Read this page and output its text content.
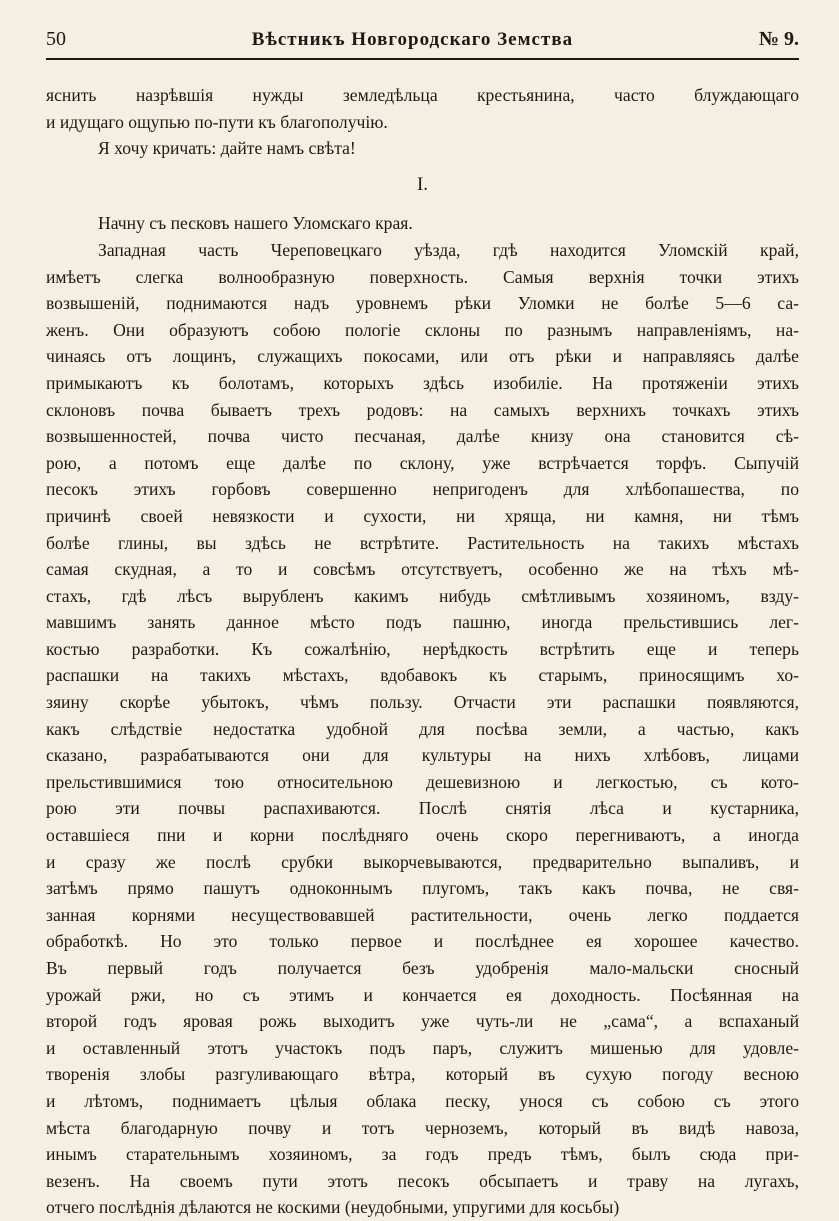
50	Вѣстникъ Новгородскаго Земства	№ 9.
яснить назрѣвшія нужды земледѣльца крестьянина, часто блуждающаго
и идущаго ощупью по-пути къ благополучію.
Я хочу кричать: дайте намъ свѣта!
I.
Начну съ песковъ нашего Уломскаго края.
Западная часть Череповецкаго уѣзда, гдѣ находится Уломскій край,
имѣетъ слегка волнообразную поверхность. Самыя верхнія точки этихъ
возвышеній, поднимаются надъ уровнемъ рѣки Уломки не болѣе 5—6 са-
женъ. Они образуютъ собою пологіе склоны по разнымъ направленіямъ, на-
чинаясь отъ лощинъ, служащихъ покосами, или отъ рѣки и направляясь далѣе
примыкаютъ къ болотамъ, которыхъ здѣсь изобиліе. На протяженіи этихъ
склоновъ почва бываетъ трехъ родовъ: на самыхъ верхнихъ точкахъ этихъ
возвышенностей, почва чисто песчаная, далѣе книзу она становится сѣ-
рою, а потомъ еще далѣе по склону, уже встрѣчается торфъ. Сыпучій
песокъ этихъ горбовъ совершенно непригоденъ для хлѣбопашества, по
причинѣ своей невязкости и сухости, ни хряща, ни камня, ни тѣмъ
болѣе глины, вы здѣсь не встрѣтите. Растительность на такихъ мѣстахъ
самая скудная, а то и совсѣмъ отсутствуетъ, особенно же на тѣхъ мѣ-
стахъ, гдѣ лѣсъ вырубленъ какимъ нибудь смѣтливымъ хозяиномъ, взду-
мавшимъ занять данное мѣсто подъ пашню, иногда прельстившись лег-
костью разработки. Къ сожалѣнію, нерѣдкость встрѣтить еще и теперь
распашки на такихъ мѣстахъ, вдобавокъ къ старымъ, приносящимъ хо-
зяину скорѣе убытокъ, чѣмъ пользу. Отчасти эти распашки появляются,
какъ слѣдствіе недостатка удобной для посѣва земли, а частью, какъ
сказано, разрабатываются они для культуры на нихъ хлѣбовъ, лицами
прельстившимися тою относительною дешевизною и легкостью, съ кото-
рою эти почвы распахиваются. Послѣ снятія лѣса и кустарника,
оставшіеся пни и корни послѣдняго очень скоро перегниваютъ, а иногда
и сразу же послѣ срубки выкорчевываются, предварительно выпаливъ, и
затѣмъ прямо пашутъ одноконнымъ плугомъ, такъ какъ почва, не свя-
занная корнями несуществовавшей растительности, очень легко поддается
обработкѣ. Но это только первое и послѣднее ея хорошее качество.
Въ первый годъ получается безъ удобренія мало-мальски сносный
урожай ржи, но съ этимъ и кончается ея доходность. Посѣянная на
второй годъ яровая рожь выходитъ уже чуть-ли не „сама“, а вспаханый
и оставленный этотъ участокъ подъ паръ, служитъ мишенью для удовле-
творенія злобы разгуливающаго вѣтра, который въ сухую погоду весною
и лѣтомъ, поднимаетъ цѣлыя облака песку, унося съ собою съ этого
мѣста благодарную почву и тотъ черноземъ, который въ видѣ навоза,
инымъ старательнымъ хозяиномъ, за годъ предъ тѣмъ, былъ сюда при-
везенъ. На своемъ пути этотъ песокъ обсыпаетъ и траву на лугахъ,
отчего послѣднія дѣлаются не коскими (неудобными, упругими для косьбы)
